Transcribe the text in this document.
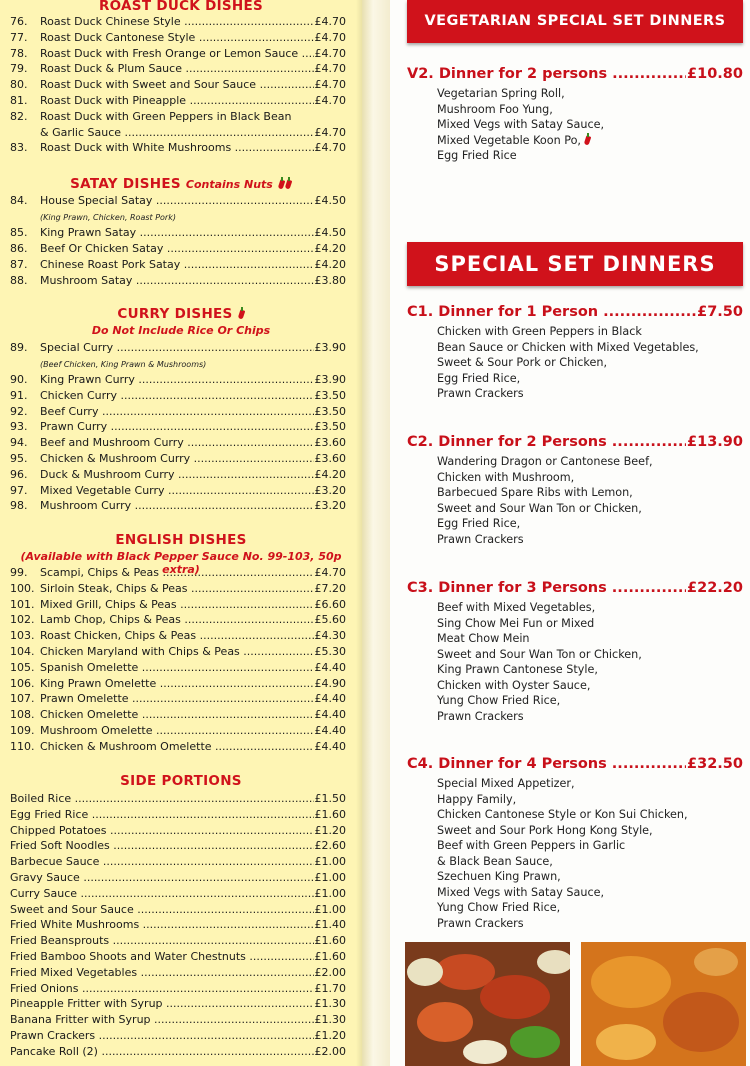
ROAST DUCK DISHES
76.	Roast Duck Chinese Style .....	£4.70
77.	Roast Duck Cantonese Style .....	£4.70
78.	Roast Duck with Fresh Orange or Lemon Sauce .....	£4.70
79.	Roast Duck & Plum Sauce .....	£4.70
80.	Roast Duck with Sweet and Sour Sauce .....	£4.70
81.	Roast Duck with Pineapple .....	£4.70
82.	Roast Duck with Green Peppers in Black Bean
& Garlic Sauce .....	£4.70
83.	Roast Duck with White Mushrooms .....	£4.70
SATAY DISHES Contains Nuts
84.	House Special Satay .....	£4.50
85.	King Prawn Satay .....	£4.50
86.	Beef Or Chicken Satay .....	£4.20
87.	Chinese Roast Pork Satay .....	£4.20
88.	Mushroom Satay .....	£3.80
(King Prawn, Chicken, Roast Pork)
CURRY DISHES
Do Not Include Rice Or Chips
89.	Special Curry .....	£3.90
90.	King Prawn Curry .....	£3.90
91.	Chicken Curry .....	£3.50
92.	Beef Curry .....	£3.50
93.	Prawn Curry .....	£3.50
94.	Beef and Mushroom Curry .....	£3.60
95.	Chicken & Mushroom Curry .....	£3.60
96.	Duck & Mushroom Curry .....	£4.20
97.	Mixed Vegetable Curry .....	£3.20
98.	Mushroom Curry .....	£3.20
(Beef Chicken, King Prawn & Mushrooms)
ENGLISH DISHES
(Available with Black Pepper Sauce No. 99-103, 50p extra)
99.	Scampi, Chips & Peas .....	£4.70
100. Sirloin Steak, Chips & Peas .....	£7.20
101. Mixed Grill, Chips & Peas .....	£6.60
102. Lamb Chop, Chips & Peas .....	£5.60
103. Roast Chicken, Chips & Peas .....	£4.30
104. Chicken Maryland with Chips & Peas .....	£5.30
105. Spanish Omelette .....	£4.40
106. King Prawn Omelette .....	£4.90
107. Prawn Omelette .....	£4.40
108. Chicken Omelette .....	£4.40
109. Mushroom Omelette .....	£4.40
110. Chicken & Mushroom Omelette .....	£4.40
SIDE PORTIONS
Boiled Rice .....	£1.50
Egg Fried Rice .....	£1.60
Chipped Potatoes .....	£1.20
Fried Soft Noodles .....	£2.60
Barbecue Sauce .....	£1.00
Gravy Sauce .....	£1.00
Curry Sauce .....	£1.00
Sweet and Sour Sauce .....	£1.00
Fried White Mushrooms .....	£1.40
Fried Beansprouts .....	£1.60
Fried Bamboo Shoots and Water Chestnuts .....	£1.60
Fried Mixed Vegetables .....	£2.00
Fried Onions .....	£1.70
Pineapple Fritter with Syrup .....	£1.30
Banana Fritter with Syrup .....	£1.30
Prawn Crackers .....	£1.20
Pancake Roll (2) .....	£2.00
VEGETARIAN SPECIAL SET DINNERS
SPECIAL SET DINNERS
V2. Dinner for 2 persons .....	£10.80
Vegetarian Spring Roll,
Mushroom Foo Yung,
Mixed Vegs with Satay Sauce,
Mixed Vegetable Koon Po,
Egg Fried Rice
C1. Dinner for 1 Person .....	£7.50
Chicken with Green Peppers in Black
Bean Sauce or Chicken with Mixed Vegetables,
Sweet & Sour Pork or Chicken,
Egg Fried Rice,
Prawn Crackers
C2. Dinner for 2 Persons .....	£13.90
Wandering Dragon or Cantonese Beef,
Chicken with Mushroom,
Barbecued Spare Ribs with Lemon,
Sweet and Sour Wan Ton or Chicken,
Egg Fried Rice,
Prawn Crackers
C3. Dinner for 3 Persons .....	£22.20
Beef with Mixed Vegetables,
Sing Chow Mei Fun or Mixed
Meat Chow Mein
Sweet and Sour Wan Ton or Chicken,
King Prawn Cantonese Style,
Chicken with Oyster Sauce,
Yung Chow Fried Rice,
Prawn Crackers
C4. Dinner for 4 Persons .....	£32.50
Special Mixed Appetizer,
Happy Family,
Chicken Cantonese Style or Kon Sui Chicken,
Sweet and Sour Pork Hong Kong Style,
Beef with Green Peppers in Garlic
& Black Bean Sauce,
Szechuen King Prawn,
Mixed Vegs with Satay Sauce,
Yung Chow Fried Rice,
Prawn Crackers
